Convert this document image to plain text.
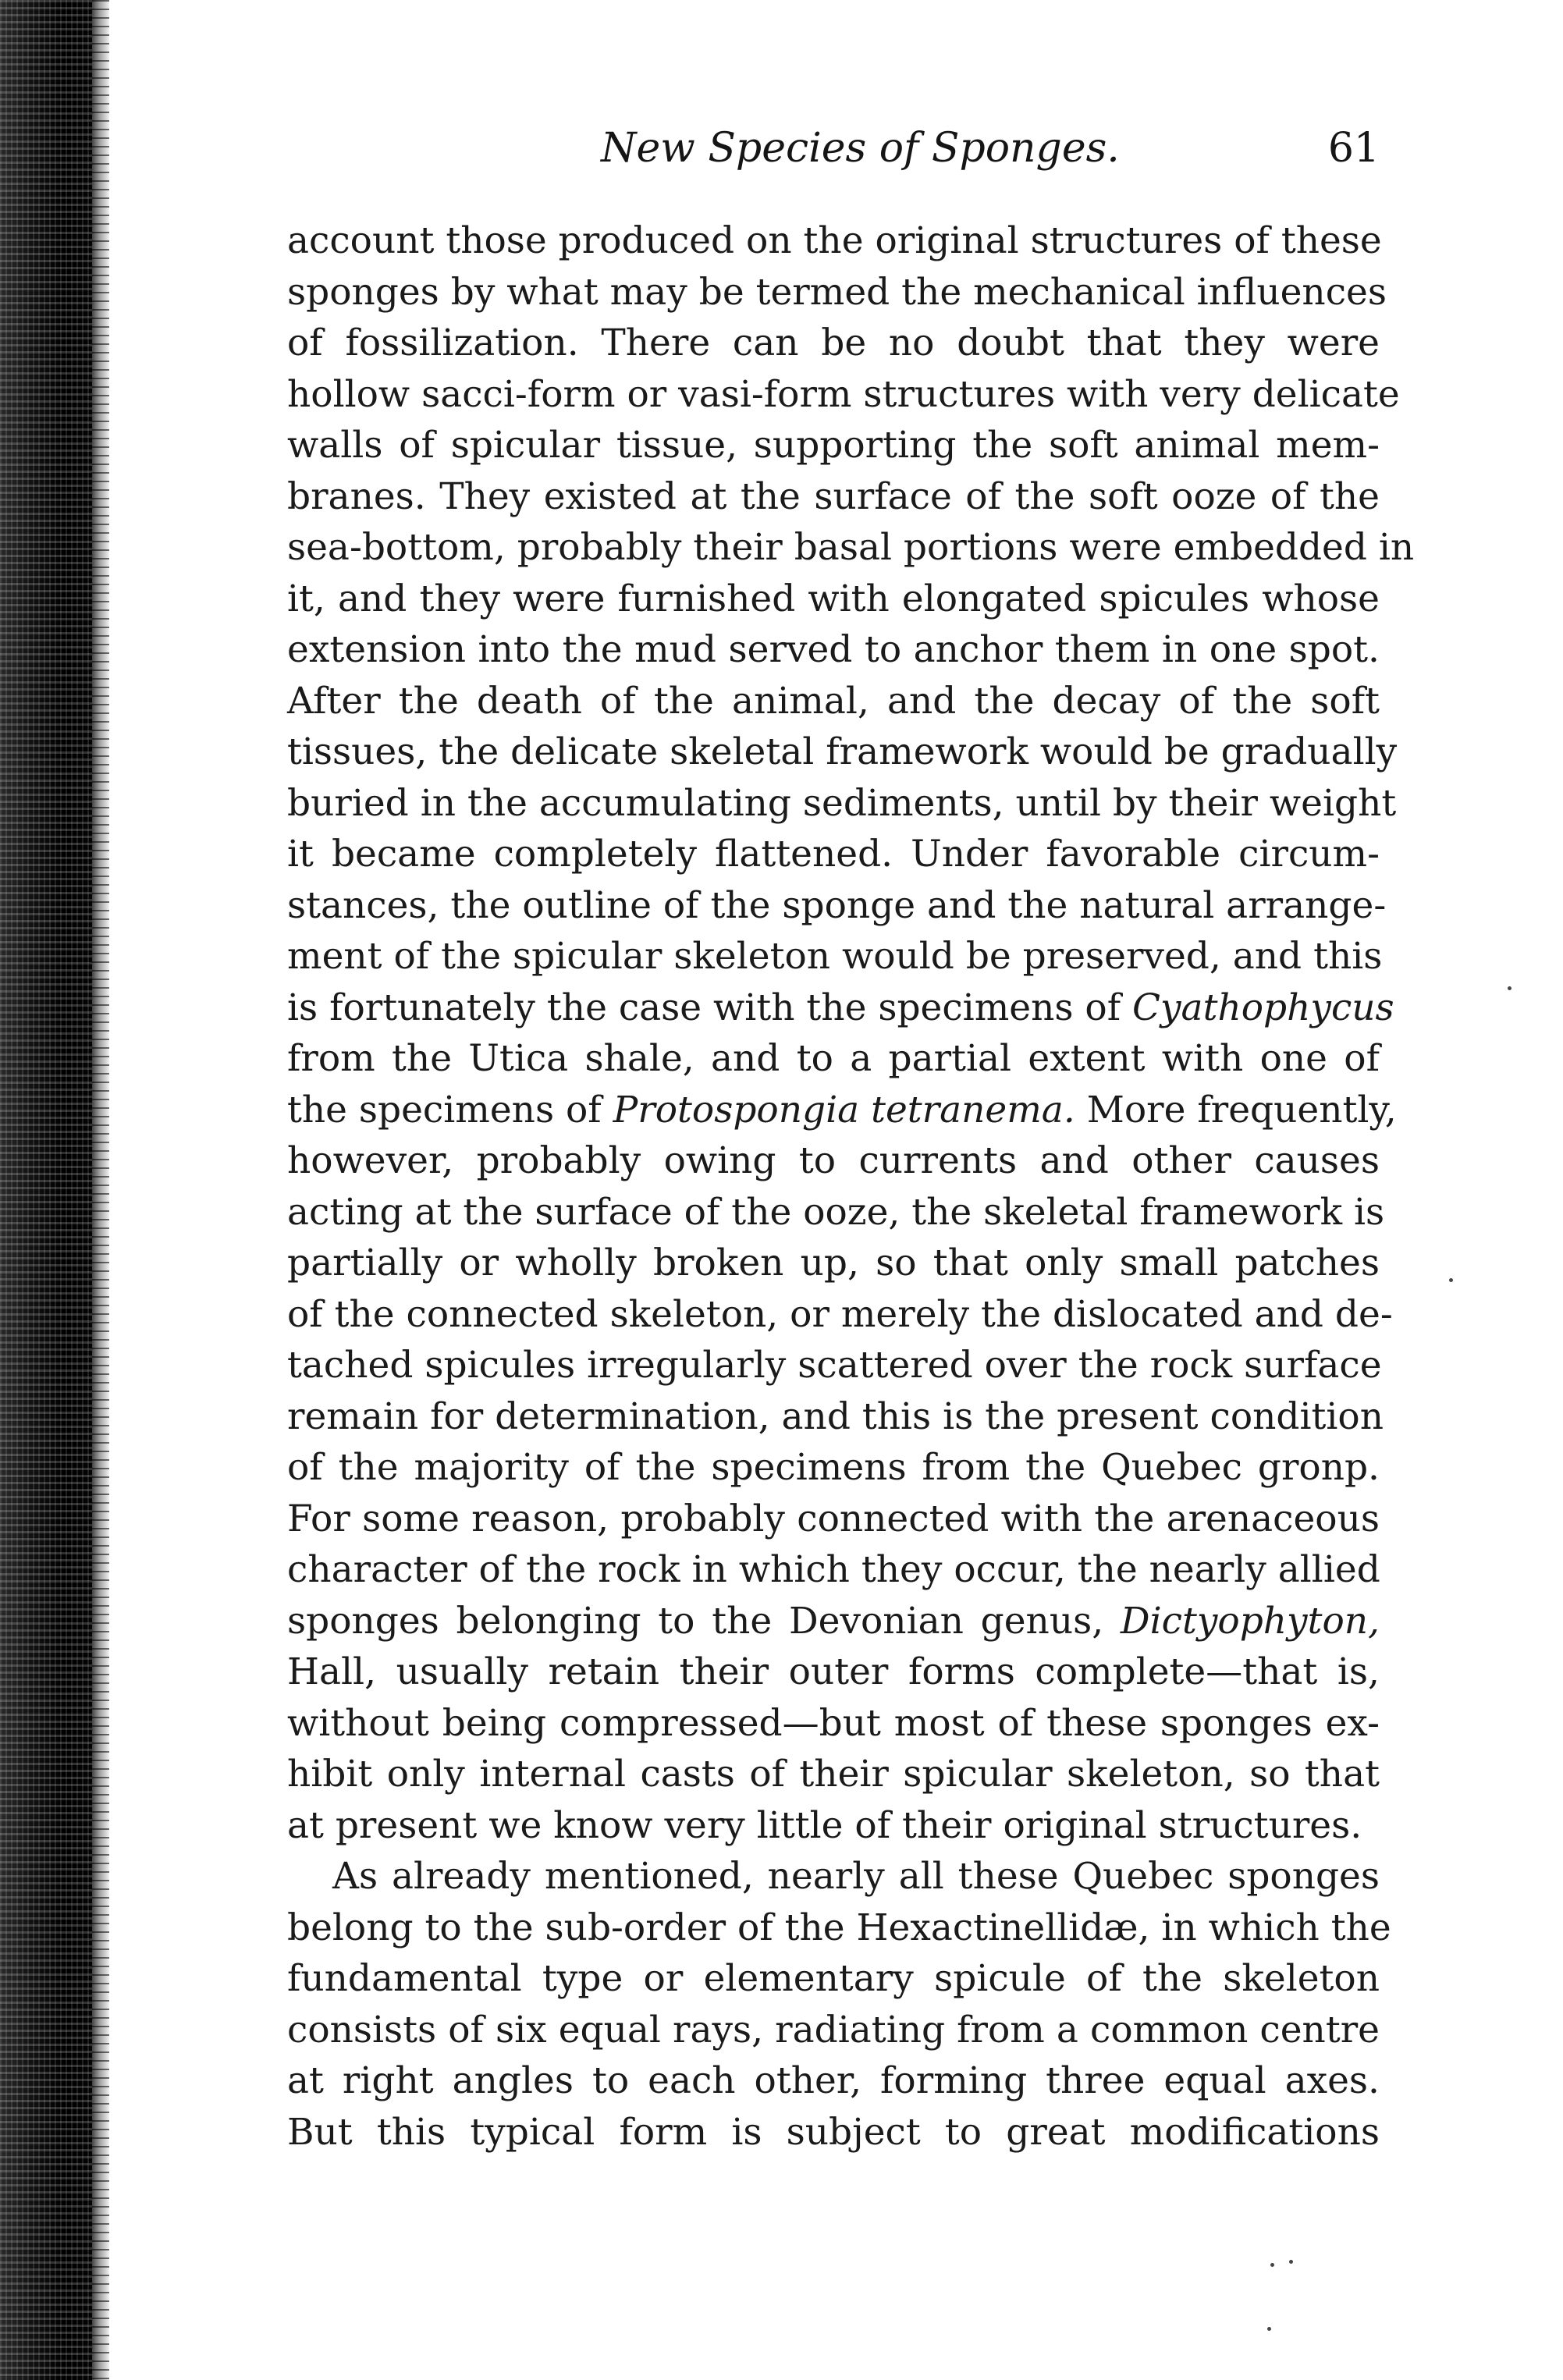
New Species of Sponges.	61
account those produced on the original structures of these
sponges by what may be termed the mechanical influences
of fossilization. There can be no doubt that they were
hollow sacci-form or vasi-form structures with very delicate
walls of spicular tissue, supporting the soft animal mem-
branes. They existed at the surface of the soft ooze of the
sea-bottom, probably their basal portions were embedded in
it, and they were furnished with elongated spicules whose
extension into the mud served to anchor them in one spot.
After the death of the animal, and the decay of the soft
tissues, the delicate skeletal framework would be gradually
buried in the accumulating sediments, until by their weight
it became completely flattened. Under favorable circum-
stances, the outline of the sponge and the natural arrange-
ment of the spicular skeleton would be preserved, and this
is fortunately the case with the specimens of Cyathophycus
from the Utica shale, and to a partial extent with one of
the specimens of Protospongia tetranema. More frequently,
however, probably owing to currents and other causes
acting at the surface of the ooze, the skeletal framework is
partially or wholly broken up, so that only small patches
of the connected skeleton, or merely the dislocated and de-
tached spicules irregularly scattered over the rock surface
remain for determination, and this is the present condition
of the majority of the specimens from the Quebec gronp.
For some reason, probably connected with the arenaceous
character of the rock in which they occur, the nearly allied
sponges belonging to the Devonian genus, Dictyophyton,
Hall, usually retain their outer forms complete—that is,
without being compressed—but most of these sponges ex-
hibit only internal casts of their spicular skeleton, so that
at present we know very little of their original structures.
As already mentioned, nearly all these Quebec sponges
belong to the sub-order of the Hexactinellidæ, in which the
fundamental type or elementary spicule of the skeleton
consists of six equal rays, radiating from a common centre
at right angles to each other, forming three equal axes.
But this typical form is subject to great modifications
